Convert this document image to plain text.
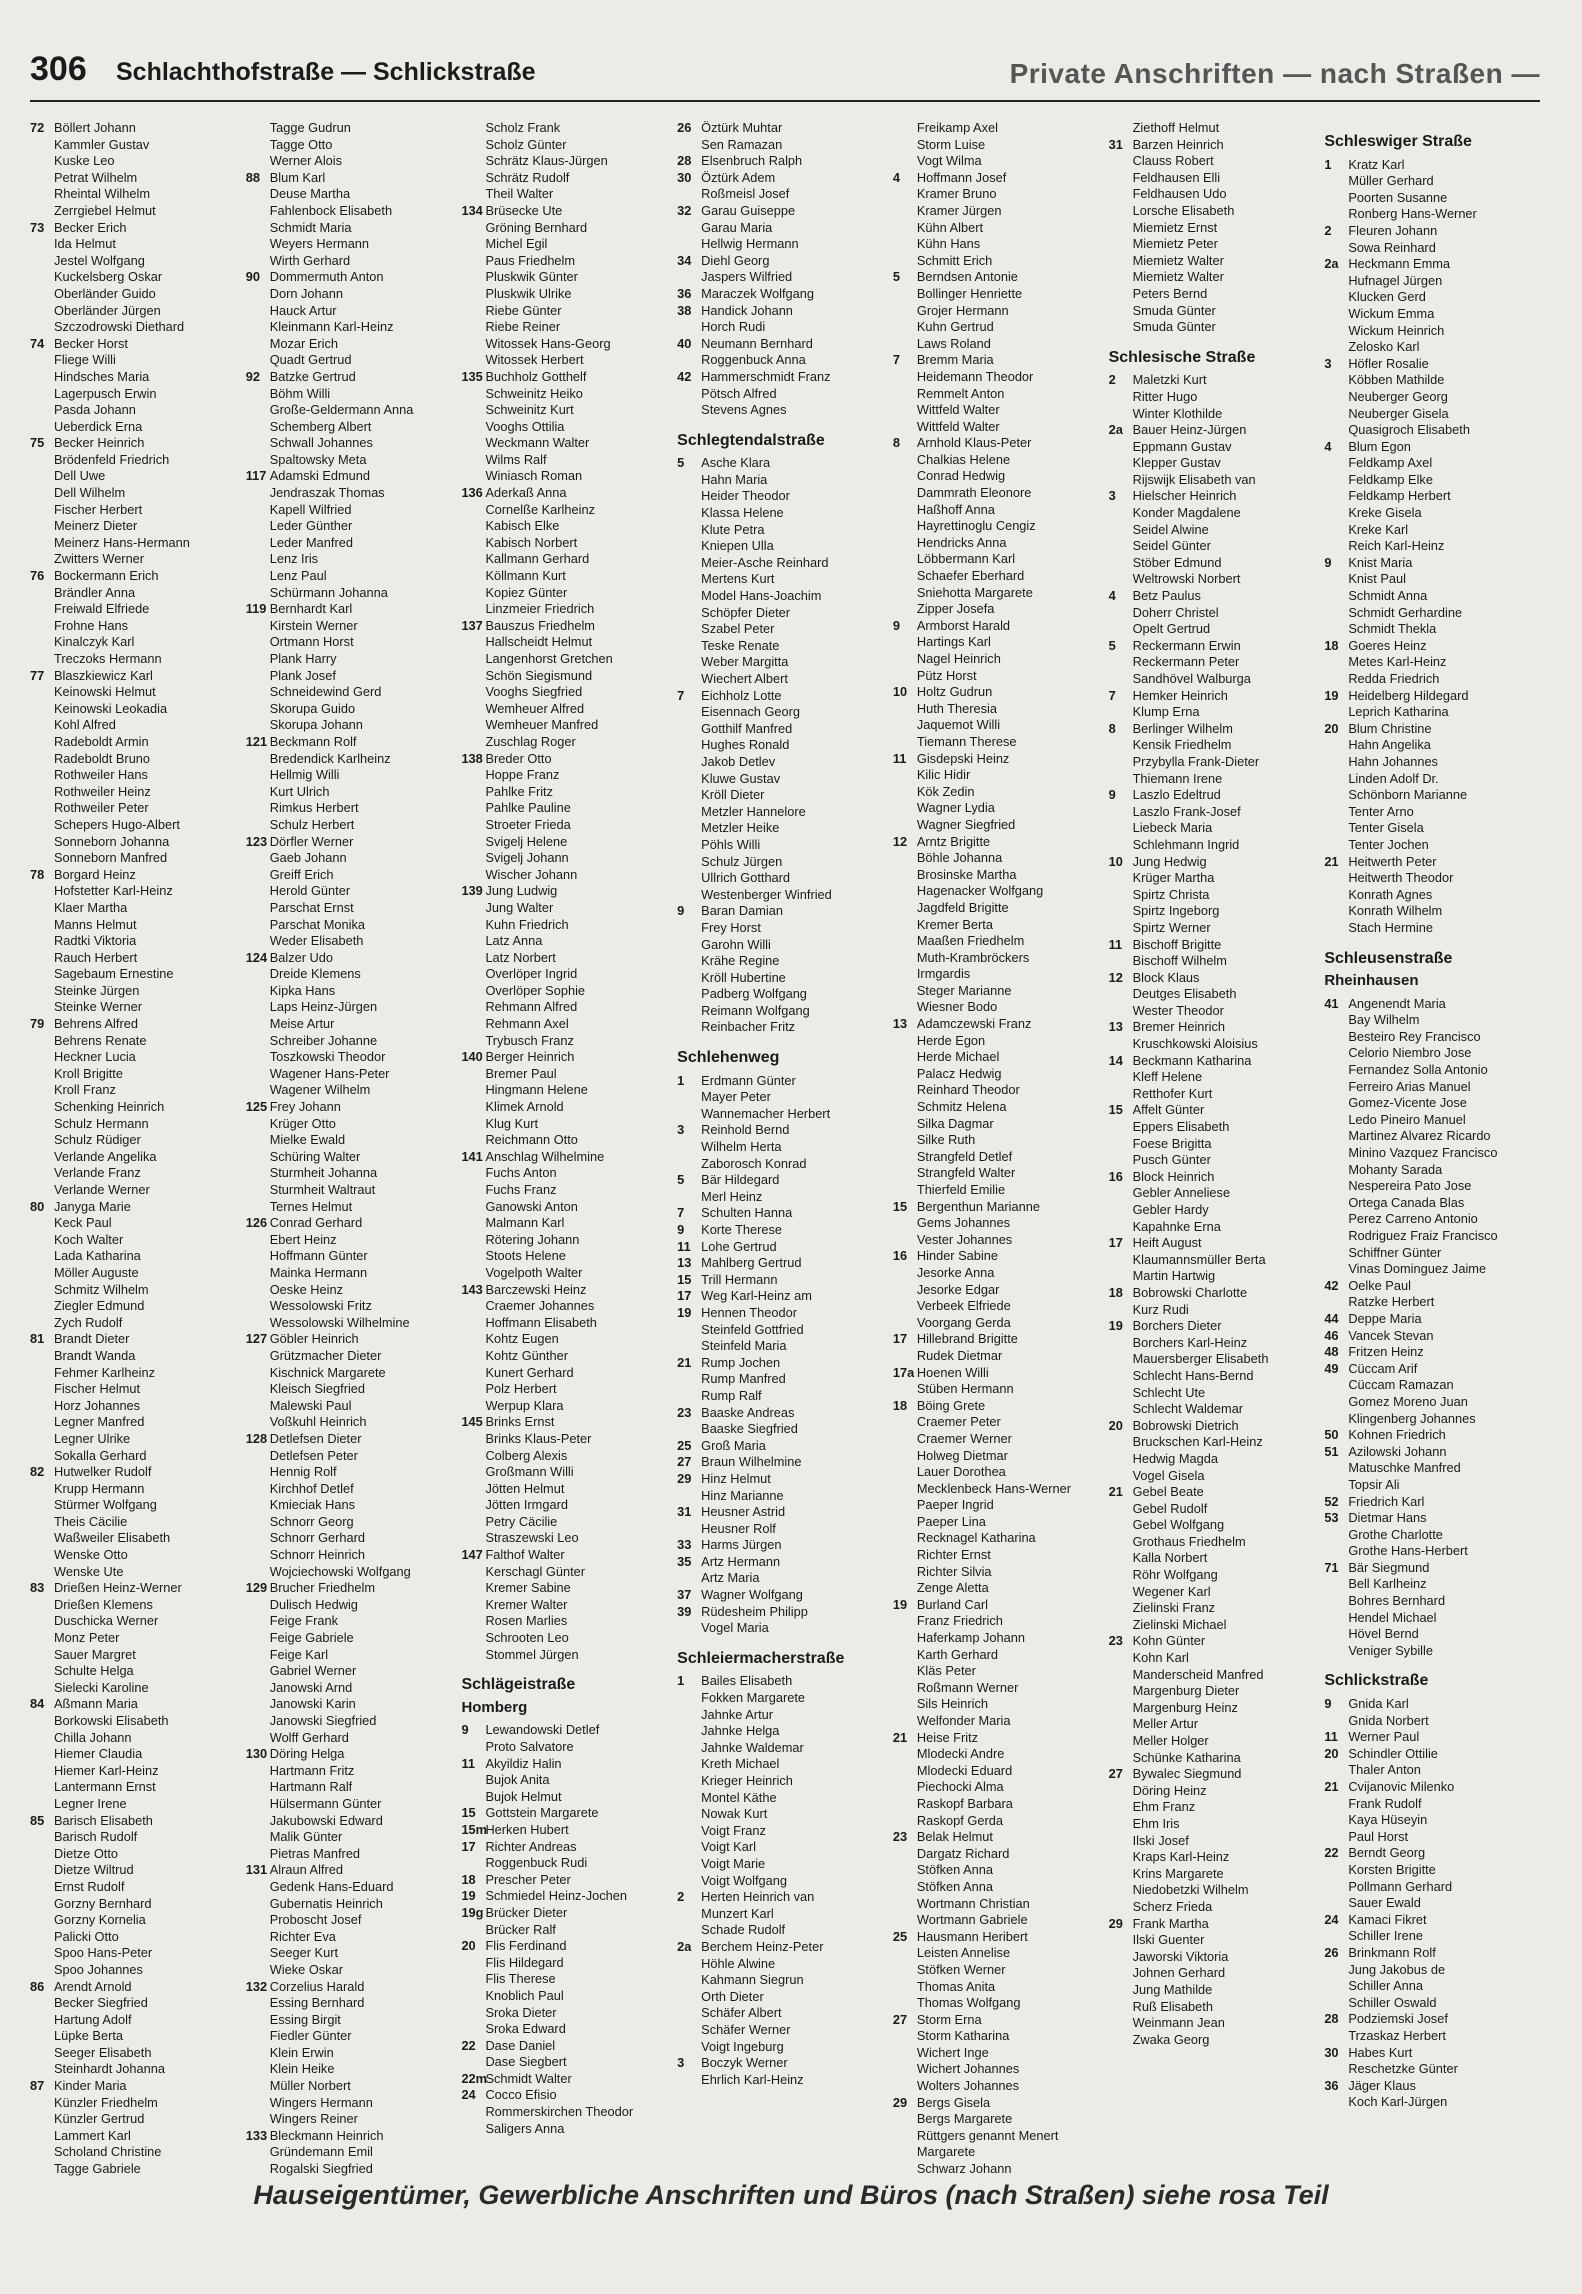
306 Schlachthofstraße — Schlickstraße	Private Anschriften — nach Straßen —
72 Böllert Johann
Kammler Gustav
Kuske Leo
Petrat Wilhelm
Rheintal Wilhelm
Zerrgiebel Helmut
73 Becker Erich
Ida Helmut
Jestel Wolfgang
Kuckelsberg Oskar
Oberländer Guido
Oberländer Jürgen
Szczodrowski Diethard
74 Becker Horst
Fliege Willi
Hindsches Maria
Lagerpusch Erwin
Pasda Johann
Ueberdick Erna
75 Becker Heinrich
Brödenfeld Friedrich
Dell Uwe
Dell Wilhelm
Fischer Herbert
Meinerz Dieter
Meinerz Hans-Hermann
Zwitters Werner
76 Bockermann Erich
Brändler Anna
Freiwald Elfriede
Frohne Hans
Kinalczyk Karl
Treczoks Hermann
77 Blaszkiewicz Karl
Keinowski Helmut
Keinowski Leokadia
Kohl Alfred
Radeboldt Armin
Radeboldt Bruno
Rothweiler Hans
Rothweiler Heinz
Rothweiler Peter
Schepers Hugo-Albert
Sonneborn Johanna
Sonneborn Manfred
78 Borgard Heinz
Hofstetter Karl-Heinz
Klaer Martha
Manns Helmut
Radtki Viktoria
Rauch Herbert
Sagebaum Ernestine
Steinke Jürgen
Steinke Werner
79 Behrens Alfred
Behrens Renate
Heckner Lucia
Kroll Brigitte
Kroll Franz
Schenking Heinrich
Schulz Hermann
Schulz Rüdiger
Verlande Angelika
Verlande Franz
Verlande Werner
80 Janyga Marie
Keck Paul
Koch Walter
Lada Katharina
Möller Auguste
Schmitz Wilhelm
Ziegler Edmund
Zych Rudolf
81 Brandt Dieter
Brandt Wanda
Fehmer Karlheinz
Fischer Helmut
Horz Johannes
Legner Manfred
Legner Ulrike
Sokalla Gerhard
82 Hutwelker Rudolf
Krupp Hermann
Stürmer Wolfgang
Theis Cäcilie
Waßweiler Elisabeth
Wenske Otto
Wenske Ute
83 Drießen Heinz-Werner
Drießen Klemens
Duschicka Werner
Monz Peter
Sauer Margret
Schulte Helga
Sielecki Karoline
84 Aßmann Maria
Borkowski Elisabeth
Chilla Johann
Hiemer Claudia
Hiemer Karl-Heinz
Lantermann Ernst
Legner Irene
85 Barisch Elisabeth
Barisch Rudolf
Dietze Otto
Dietze Wiltrud
Ernst Rudolf
Gorzny Bernhard
Gorzny Kornelia
Palicki Otto
Spoo Hans-Peter
Spoo Johannes
86 Arendt Arnold
Becker Siegfried
Hartung Adolf
Lüpke Berta
Seeger Elisabeth
Steinhardt Johanna
87 Kinder Maria
Künzler Friedhelm
Künzler Gertrud
Lammert Karl
Scholand Christine
Tagge Gabriele
Tagge Gudrun
Tagge Otto
Werner Alois
88 Blum Karl
Deuse Martha
Fahlenbock Elisabeth
Schmidt Maria
Weyers Hermann
Wirth Gerhard
90 Dommermuth Anton
Dorn Johann
Hauck Artur
Kleinmann Karl-Heinz
Mozar Erich
Quadt Gertrud
92 Batzke Gertrud
Böhm Willi
Große-Geldermann Anna
Schemberg Albert
Schwall Johannes
Spaltowsky Meta
117 Adamski Edmund
Jendraszak Thomas
Kapell Wilfried
Leder Günther
Leder Manfred
Lenz Iris
Lenz Paul
Schürmann Johanna
119 Bernhardt Karl
Kirstein Werner
Ortmann Horst
Plank Harry
Plank Josef
Schneidewind Gerd
Skorupa Guido
Skorupa Johann
121 Beckmann Rolf
Bredendick Karlheinz
Hellmig Willi
Kurt Ulrich
Rimkus Herbert
Schulz Herbert
123 Dörfler Werner
Gaeb Johann
Greiff Erich
Herold Günter
Parschat Ernst
Parschat Monika
Weder Elisabeth
124 Balzer Udo
Dreide Klemens
Kipka Hans
Laps Heinz-Jürgen
Meise Artur
Schreiber Johanne
Toszkowski Theodor
Wagener Hans-Peter
Wagener Wilhelm
125 Frey Johann
Krüger Otto
Mielke Ewald
Schüring Walter
Sturmheit Johanna
Sturmheit Waltraut
Ternes Helmut
126 Conrad Gerhard
Ebert Heinz
Hoffmann Günter
Mainka Hermann
Oeske Heinz
Wessolowski Fritz
Wessolowski Wilhelmine
127 Göbler Heinrich
Grützmacher Dieter
Kischnick Margarete
Kleisch Siegfried
Malewski Paul
Voßkuhl Heinrich
128 Detlefsen Dieter
Detlefsen Peter
Hennig Rolf
Kirchhof Detlef
Kmieciak Hans
Schnorr Georg
Schnorr Gerhard
Schnorr Heinrich
Wojciechowski Wolfgang
129 Brucher Friedhelm
Dulisch Hedwig
Feige Frank
Feige Gabriele
Feige Karl
Gabriel Werner
Janowski Arnd
Janowski Karin
Janowski Siegfried
Wolff Gerhard
130 Döring Helga
Hartmann Fritz
Hartmann Ralf
Hülsermann Günter
Jakubowski Edward
Malik Günter
Pietras Manfred
131 Alraun Alfred
Gedenk Hans-Eduard
Gubernatis Heinrich
Proboscht Josef
Richter Eva
Seeger Kurt
Wieke Oskar
132 Corzelius Harald
Essing Bernhard
Essing Birgit
Fiedler Günter
Klein Erwin
Klein Heike
Müller Norbert
Wingers Hermann
Wingers Reiner
133 Bleckmann Heinrich
Gründemann Emil
Rogalski Siegfried
Scholz Frank
Scholz Günter
Schrätz Klaus-Jürgen
Schrätz Rudolf
Theil Walter
134 Brüsecke Ute
Gröning Bernhard
Michel Egil
Paus Friedhelm
Pluskwik Günter
Pluskwik Ulrike
Riebe Günter
Riebe Reiner
Witossek Hans-Georg
Witossek Herbert
135 Buchholz Gotthelf
Schweinitz Heiko
Schweinitz Kurt
Vooghs Ottilia
Weckmann Walter
Wilms Ralf
Winiasch Roman
136 Aderkaß Anna
Cornelße Karlheinz
Kabisch Elke
Kabisch Norbert
Kallmann Gerhard
Köllmann Kurt
Kopiez Günter
Linzmeier Friedrich
137 Bauszus Friedhelm
Hallscheidt Helmut
Langenhorst Gretchen
Schön Siegismund
Vooghs Siegfried
Wemheuer Alfred
Wemheuer Manfred
Zuschlag Roger
138 Breder Otto
Hoppe Franz
Pahlke Fritz
Pahlke Pauline
Stroeter Frieda
Svigelj Helene
Svigelj Johann
Wischer Johann
139 Jung Ludwig
Jung Walter
Kuhn Friedrich
Latz Anna
Latz Norbert
Overlöper Ingrid
Overlöper Sophie
Rehmann Alfred
Rehmann Axel
Trybusch Franz
140 Berger Heinrich
Bremer Paul
Hingmann Helene
Klimek Arnold
Klug Kurt
Reichmann Otto
141 Anschlag Wilhelmine
Fuchs Anton
Fuchs Franz
Ganowski Anton
Malmann Karl
Rötering Johann
Stoots Helene
Vogelpoth Walter
143 Barczewski Heinz
Craemer Johannes
Hoffmann Elisabeth
Kohtz Eugen
Kohtz Günther
Kunert Gerhard
Polz Herbert
Werpup Klara
145 Brinks Ernst
Brinks Klaus-Peter
Colberg Alexis
Großmann Willi
Jötten Helmut
Jötten Irmgard
Petry Cäcilie
Straszewski Leo
147 Falthof Walter
Kerschagl Günter
Kremer Sabine
Kremer Walter
Rosen Marlies
Schrooten Leo
Stommel Jürgen
Schlägeistraße
Homberg
9 Lewandowski Detlef
Proto Salvatore
11 Akyildiz Halin
Bujok Anita
Bujok Helmut
15 Gottstein Margarete
15mHerken Hubert
17 Richter Andreas
Roggenbuck Rudi
18 Prescher Peter
19 Schmiedel Heinz-Jochen
19g Brücker Dieter
Brücker Ralf
20 Flis Ferdinand
Flis Hildegard
Flis Therese
Knoblich Paul
Sroka Dieter
Sroka Edward
22 Dase Daniel
Dase Siegbert
22mSchmidt Walter
24 Cocco Efisio
Rommerskirchen Theodor
Saligers Anna
26 Öztürk Muhtar
Sen Ramazan
28 Elsenbruch Ralph
30 Öztürk Adem
Roßmeisl Josef
32 Garau Guiseppe
Garau Maria
Hellwig Hermann
34 Diehl Georg
Jaspers Wilfried
36 Maraczek Wolfgang
38 Handick Johann
Horch Rudi
40 Neumann Bernhard
Roggenbuck Anna
42 Hammerschmidt Franz
Pötsch Alfred
Stevens Agnes
Schlegtendalstraße
5 Asche Klara
Hahn Maria
Heider Theodor
Klassa Helene
Klute Petra
Kniepen Ulla
Meier-Asche Reinhard
Mertens Kurt
Model Hans-Joachim
Schöpfer Dieter
Szabel Peter
Teske Renate
Weber Margitta
Wiechert Albert
7 Eichholz Lotte
Eisennach Georg
Gotthilf Manfred
Hughes Ronald
Jakob Detlev
Kluwe Gustav
Kröll Dieter
Metzler Hannelore
Metzler Heike
Pöhls Willi
Schulz Jürgen
Ullrich Gotthard
Westenberger Winfried
9 Baran Damian
Frey Horst
Garohn Willi
Krähe Regine
Kröll Hubertine
Padberg Wolfgang
Reimann Wolfgang
Reinbacher Fritz
Schlehenweg
1 Erdmann Günter
Mayer Peter
Wannemacher Herbert
3 Reinhold Bernd
Wilhelm Herta
Zaborosch Konrad
5 Bär Hildegard
Merl Heinz
7 Schulten Hanna
9 Korte Therese
11 Lohe Gertrud
13 Mahlberg Gertrud
15 Trill Hermann
17 Weg Karl-Heinz am
19 Hennen Theodor
Steinfeld Gottfried
Steinfeld Maria
21 Rump Jochen
Rump Manfred
Rump Ralf
23 Baaske Andreas
Baaske Siegfried
25 Groß Maria
27 Braun Wilhelmine
29 Hinz Helmut
Hinz Marianne
31 Heusner Astrid
Heusner Rolf
33 Harms Jürgen
35 Artz Hermann
Artz Maria
37 Wagner Wolfgang
39 Rüdesheim Philipp
Vogel Maria
Schleiermacherstraße
1 Bailes Elisabeth
Fokken Margarete
Jahnke Artur
Jahnke Helga
Jahnke Waldemar
Kreth Michael
Krieger Heinrich
Montel Käthe
Nowak Kurt
Voigt Franz
Voigt Karl
Voigt Marie
Voigt Wolfgang
2 Herten Heinrich van
Munzert Karl
Schade Rudolf
2a Berchem Heinz-Peter
Höhle Alwine
Kahmann Siegrun
Orth Dieter
Schäfer Albert
Schäfer Werner
Voigt Ingeburg
3 Boczyk Werner
Ehrlich Karl-Heinz
Freikamp Axel
Storm Luise
Vogt Wilma
4 Hoffmann Josef
Kramer Bruno
Kramer Jürgen
Kühn Albert
Kühn Hans
Schmitt Erich
5 Berndsen Antonie
Bollinger Henriette
Grojer Hermann
Kuhn Gertrud
Laws Roland
7 Bremm Maria
Heidemann Theodor
Remmelt Anton
Wittfeld Walter
Wittfeld Walter
8 Arnhold Klaus-Peter
Chalkias Helene
Conrad Hedwig
Dammrath Eleonore
Haßhoff Anna
Hayrettinoglu Cengiz
Hendricks Anna
Löbbermann Karl
Schaefer Eberhard
Sniehotta Margarete
Zipper Josefa
9 Armborst Harald
Hartings Karl
Nagel Heinrich
Pütz Horst
10 Holtz Gudrun
Huth Theresia
Jaquemot Willi
Tiemann Therese
11 Gisdepski Heinz
Kilic Hidir
Kök Zedin
Wagner Lydia
Wagner Siegfried
12 Arntz Brigitte
Böhle Johanna
Brosinske Martha
Hagenacker Wolfgang
Jagdfeld Brigitte
Kremer Berta
Maaßen Friedhelm
Muth-Krambröckers
Irmgardis
Steger Marianne
Wiesner Bodo
13 Adamczewski Franz
Herde Egon
Herde Michael
Palacz Hedwig
Reinhard Theodor
Schmitz Helena
Silka Dagmar
Silke Ruth
Strangfeld Detlef
Strangfeld Walter
Thierfeld Emilie
15 Bergenthun Marianne
Gems Johannes
Vester Johannes
16 Hinder Sabine
Jesorke Anna
Jesorke Edgar
Verbeek Elfriede
Voorgang Gerda
17 Hillebrand Brigitte
Rudek Dietmar
17a Hoenen Willi
Stüben Hermann
18 Böing Grete
Craemer Peter
Craemer Werner
Holweg Dietmar
Lauer Dorothea
Mecklenbeck Hans-Werner
Paeper Ingrid
Paeper Lina
Recknagel Katharina
Richter Ernst
Richter Silvia
Zenge Aletta
19 Burland Carl
Franz Friedrich
Haferkamp Johann
Karth Gerhard
Kläs Peter
Roßmann Werner
Sils Heinrich
Welfonder Maria
21 Heise Fritz
Mlodecki Andre
Mlodecki Eduard
Piechocki Alma
Raskopf Barbara
Raskopf Gerda
23 Belak Helmut
Dargatz Richard
Stöfken Anna
Stöfken Anna
Wortmann Christian
Wortmann Gabriele
25 Hausmann Heribert
Leisten Annelise
Stöfken Werner
Thomas Anita
Thomas Wolfgang
27 Storm Erna
Storm Katharina
Wichert Inge
Wichert Johannes
Wolters Johannes
29 Bergs Gisela
Bergs Margarete
Rüttgers genannt Menert
Margarete
Schwarz Johann
Ziethoff Helmut
31 Barzen Heinrich
Clauss Robert
Feldhausen Elli
Feldhausen Udo
Lorsche Elisabeth
Miemietz Ernst
Miemietz Peter
Miemietz Walter
Miemietz Walter
Peters Bernd
Smuda Günter
Smuda Günter
Schlesische Straße
2 Maletzki Kurt
Ritter Hugo
Winter Klothilde
2a Bauer Heinz-Jürgen
Eppmann Gustav
Klepper Gustav
Rijswijk Elisabeth van
3 Hielscher Heinrich
Konder Magdalene
Seidel Alwine
Seidel Günter
Stöber Edmund
Weltrowski Norbert
4 Betz Paulus
Doherr Christel
Opelt Gertrud
5 Reckermann Erwin
Reckermann Peter
Sandhövel Walburga
7 Hemker Heinrich
Klump Erna
8 Berlinger Wilhelm
Kensik Friedhelm
Przybylla Frank-Dieter
Thiemann Irene
9 Laszlo Edeltrud
Laszlo Frank-Josef
Liebeck Maria
Schlehmann Ingrid
10 Jung Hedwig
Krüger Martha
Spirtz Christa
Spirtz Ingeborg
Spirtz Werner
11 Bischoff Brigitte
Bischoff Wilhelm
12 Block Klaus
Deutges Elisabeth
Wester Theodor
13 Bremer Heinrich
Kruschkowski Aloisius
14 Beckmann Katharina
Kleff Helene
Retthofer Kurt
15 Affelt Günter
Eppers Elisabeth
Foese Brigitta
Pusch Günter
16 Block Heinrich
Gebler Anneliese
Gebler Hardy
Kapahnke Erna
17 Heift August
Klaumannsmüller Berta
Martin Hartwig
18 Bobrowski Charlotte
Kurz Rudi
19 Borchers Dieter
Borchers Karl-Heinz
Mauersberger Elisabeth
Schlecht Hans-Bernd
Schlecht Ute
Schlecht Waldemar
20 Bobrowski Dietrich
Bruckschen Karl-Heinz
Hedwig Magda
Vogel Gisela
21 Gebel Beate
Gebel Rudolf
Gebel Wolfgang
Grothaus Friedhelm
Kalla Norbert
Röhr Wolfgang
Wegener Karl
Zielinski Franz
Zielinski Michael
23 Kohn Günter
Kohn Karl
Manderscheid Manfred
Margenburg Dieter
Margenburg Heinz
Meller Artur
Meller Holger
Schünke Katharina
27 Bywalec Siegmund
Döring Heinz
Ehm Franz
Ehm Iris
Ilski Josef
Kraps Karl-Heinz
Krins Margarete
Niedobetzki Wilhelm
Scherz Frieda
29 Frank Martha
Ilski Guenter
Jaworski Viktoria
Johnen Gerhard
Jung Mathilde
Ruß Elisabeth
Weinmann Jean
Zwaka Georg
Schleswiger Straße
1 Kratz Karl
Müller Gerhard
Poorten Susanne
Ronberg Hans-Werner
2 Fleuren Johann
Sowa Reinhard
2a Heckmann Emma
Hufnagel Jürgen
Klucken Gerd
Wickum Emma
Wickum Heinrich
Zelosko Karl
3 Höfler Rosalie
Köbben Mathilde
Neuberger Georg
Neuberger Gisela
Quasigroch Elisabeth
4 Blum Egon
Feldkamp Axel
Feldkamp Elke
Feldkamp Herbert
Kreke Gisela
Kreke Karl
Reich Karl-Heinz
9 Knist Maria
Knist Paul
Schmidt Anna
Schmidt Gerhardine
Schmidt Thekla
18 Goeres Heinz
Metes Karl-Heinz
Redda Friedrich
19 Heidelberg Hildegard
Leprich Katharina
20 Blum Christine
Hahn Angelika
Hahn Johannes
Linden Adolf Dr.
Schönborn Marianne
Tenter Arno
Tenter Gisela
Tenter Jochen
21 Heitwerth Peter
Heitwerth Theodor
Konrath Agnes
Konrath Wilhelm
Stach Hermine
Schleusenstraße
Rheinhausen
41 Angenendt Maria
Bay Wilhelm
Besteiro Rey Francisco
Celorio Niembro Jose
Fernandez Solla Antonio
Ferreiro Arias Manuel
Gomez-Vicente Jose
Ledo Pineiro Manuel
Martinez Alvarez Ricardo
Minino Vazquez Francisco
Mohanty Sarada
Nespereira Pato Jose
Ortega Canada Blas
Perez Carreno Antonio
Rodriguez Fraiz Francisco
Schiffner Günter
Vinas Dominguez Jaime
42 Oelke Paul
Ratzke Herbert
44 Deppe Maria
46 Vancek Stevan
48 Fritzen Heinz
49 Cüccam Arif
Cüccam Ramazan
Gomez Moreno Juan
Klingenberg Johannes
50 Kohnen Friedrich
51 Azilowski Johann
Matuschke Manfred
Topsir Ali
52 Friedrich Karl
53 Dietmar Hans
Grothe Charlotte
Grothe Hans-Herbert
71 Bär Siegmund
Bell Karlheinz
Bohres Bernhard
Hendel Michael
Hövel Bernd
Veniger Sybille
Schlickstraße
9 Gnida Karl
Gnida Norbert
11 Werner Paul
20 Schindler Ottilie
Thaler Anton
21 Cvijanovic Milenko
Frank Rudolf
Kaya Hüseyin
Paul Horst
22 Berndt Georg
Korsten Brigitte
Pollmann Gerhard
Sauer Ewald
24 Kamaci Fikret
Schiller Irene
26 Brinkmann Rolf
Jung Jakobus de
Schiller Anna
Schiller Oswald
28 Podziemski Josef
Trzaskaz Herbert
30 Habes Kurt
Reschetzke Günter
36 Jäger Klaus
Koch Karl-Jürgen
Hauseigentümer, Gewerbliche Anschriften und Büros (nach Straßen) siehe rosa Teil
